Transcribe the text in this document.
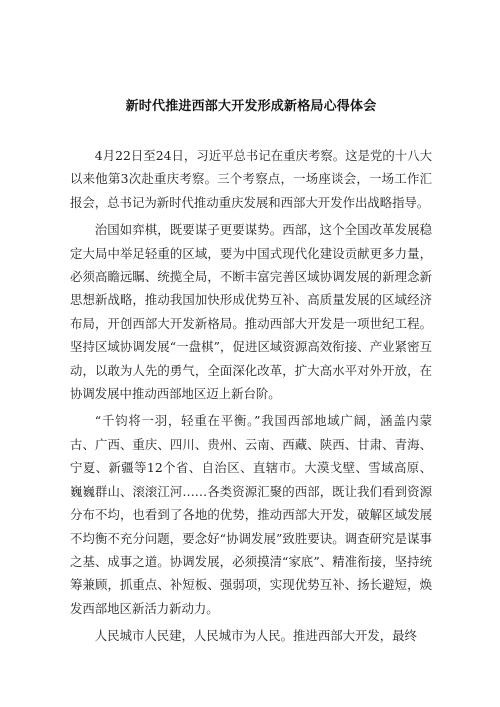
新时代推进西部大开发形成新格局心得体会

4月22日至24日，习近平总书记在重庆考察。这是党的十八大以来他第3次赴重庆考察。三个考察点，一场座谈会，一场工作汇报会，总书记为新时代推动重庆发展和西部大开发作出战略指导。

治国如弈棋，既要谋子更要谋势。西部，这个全国改革发展稳定大局中举足轻重的区域，要为中国式现代化建设贡献更多力量，必须高瞻远瞩、统揽全局，不断丰富完善区域协调发展的新理念新思想新战略，推动我国加快形成优势互补、高质量发展的区域经济布局，开创西部大开发新格局。推动西部大开发是一项世纪工程。坚持区域协调发展“一盘棋”，促进区域资源高效衔接、产业紧密互动，以敢为人先的勇气，全面深化改革，扩大高水平对外开放，在协调发展中推动西部地区迈上新台阶。

“千钧将一羽，轻重在平衡。”我国西部地域广阔，涵盖内蒙古、广西、重庆、四川、贵州、云南、西藏、陕西、甘肃、青海、宁夏、新疆等12个省、自治区、直辖市。大漠戈壁、雪域高原、巍巍群山、滚滚江河……各类资源汇聚的西部，既让我们看到资源分布不均，也看到了各地的优势，推动西部大开发，破解区域发展不均衡不充分问题，要念好“协调发展”致胜要诀。调查研究是谋事之基、成事之道。协调发展，必须摸清“家底”、精准衔接，坚持统筹兼顾，抓重点、补短板、强弱项，实现优势互补、扬长避短，焕发西部地区新活力新动力。

人民城市人民建，人民城市为人民。推进西部大开发，最终
